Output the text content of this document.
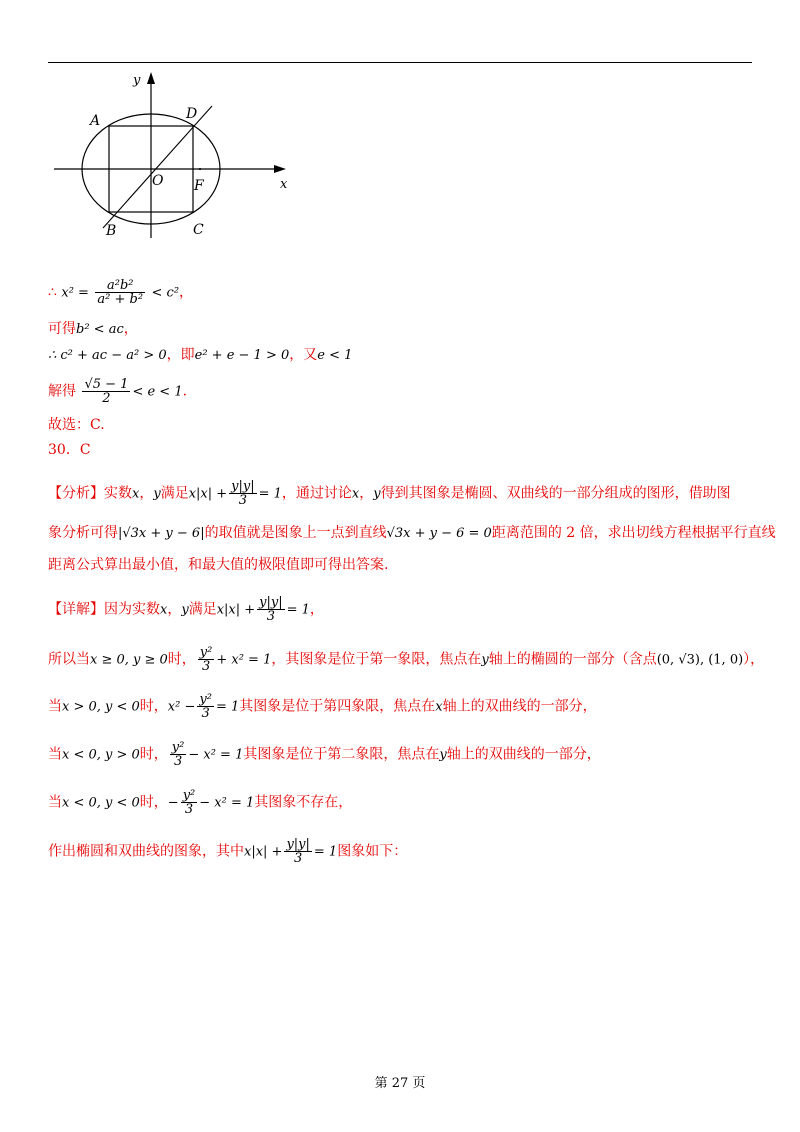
y
x
A	D
B	C
O F
∴ $x^2 = \frac{\text{a²b²}}{\text{a² + b²}} < c^2$，
可得b² < ac，
∴ c² + ac − a² > 0，即e² + e − 1 > 0，又e < 1
解得 $\frac{√5 - 1}{2} < e < 1$.
故选：C.
30．C
【分析】实数x，y满足$x|x| + \frac{y|y|}{3} = 1$，通过讨论x，y得到其图象是椭圆、双曲线的一部分组成的图形，借助图
象分析可得|√3x + y − 6|的取值就是图象上一点到直线√3x + y − 6 = 0距离范围的 2 倍，求出切线方程根据平行直线
距离公式算出最小值，和最大值的极限值即可得出答案.
【详解】因为实数x，y满足$x|x| + \frac{y|y|}{3} = 1$，
所以当x ≥ 0, y ≥ 0时， $\frac{\text{y²}}{3} + x^2 = 1$，其图象是位于第一象限，焦点在y轴上的椭圆的一部分（含点(0, √3), (1, 0)），
当x > 0, y < 0时，$x^2 - \frac{\text{y²}}{3} = 1$其图象是位于第四象限，焦点在x轴上的双曲线的一部分，
当x < 0, y > 0时， $\frac{\text{y²}}{3} - x^2 = 1$其图象是位于第二象限，焦点在y轴上的双曲线的一部分，
当x < 0, y < 0时，− $\frac{\text{y²}}{3} - x^2 = 1$其图象不存在，
作出椭圆和双曲线的图象，其中$x|x| + \frac{y|y|}{3} = 1$图象如下：
第 27 页
